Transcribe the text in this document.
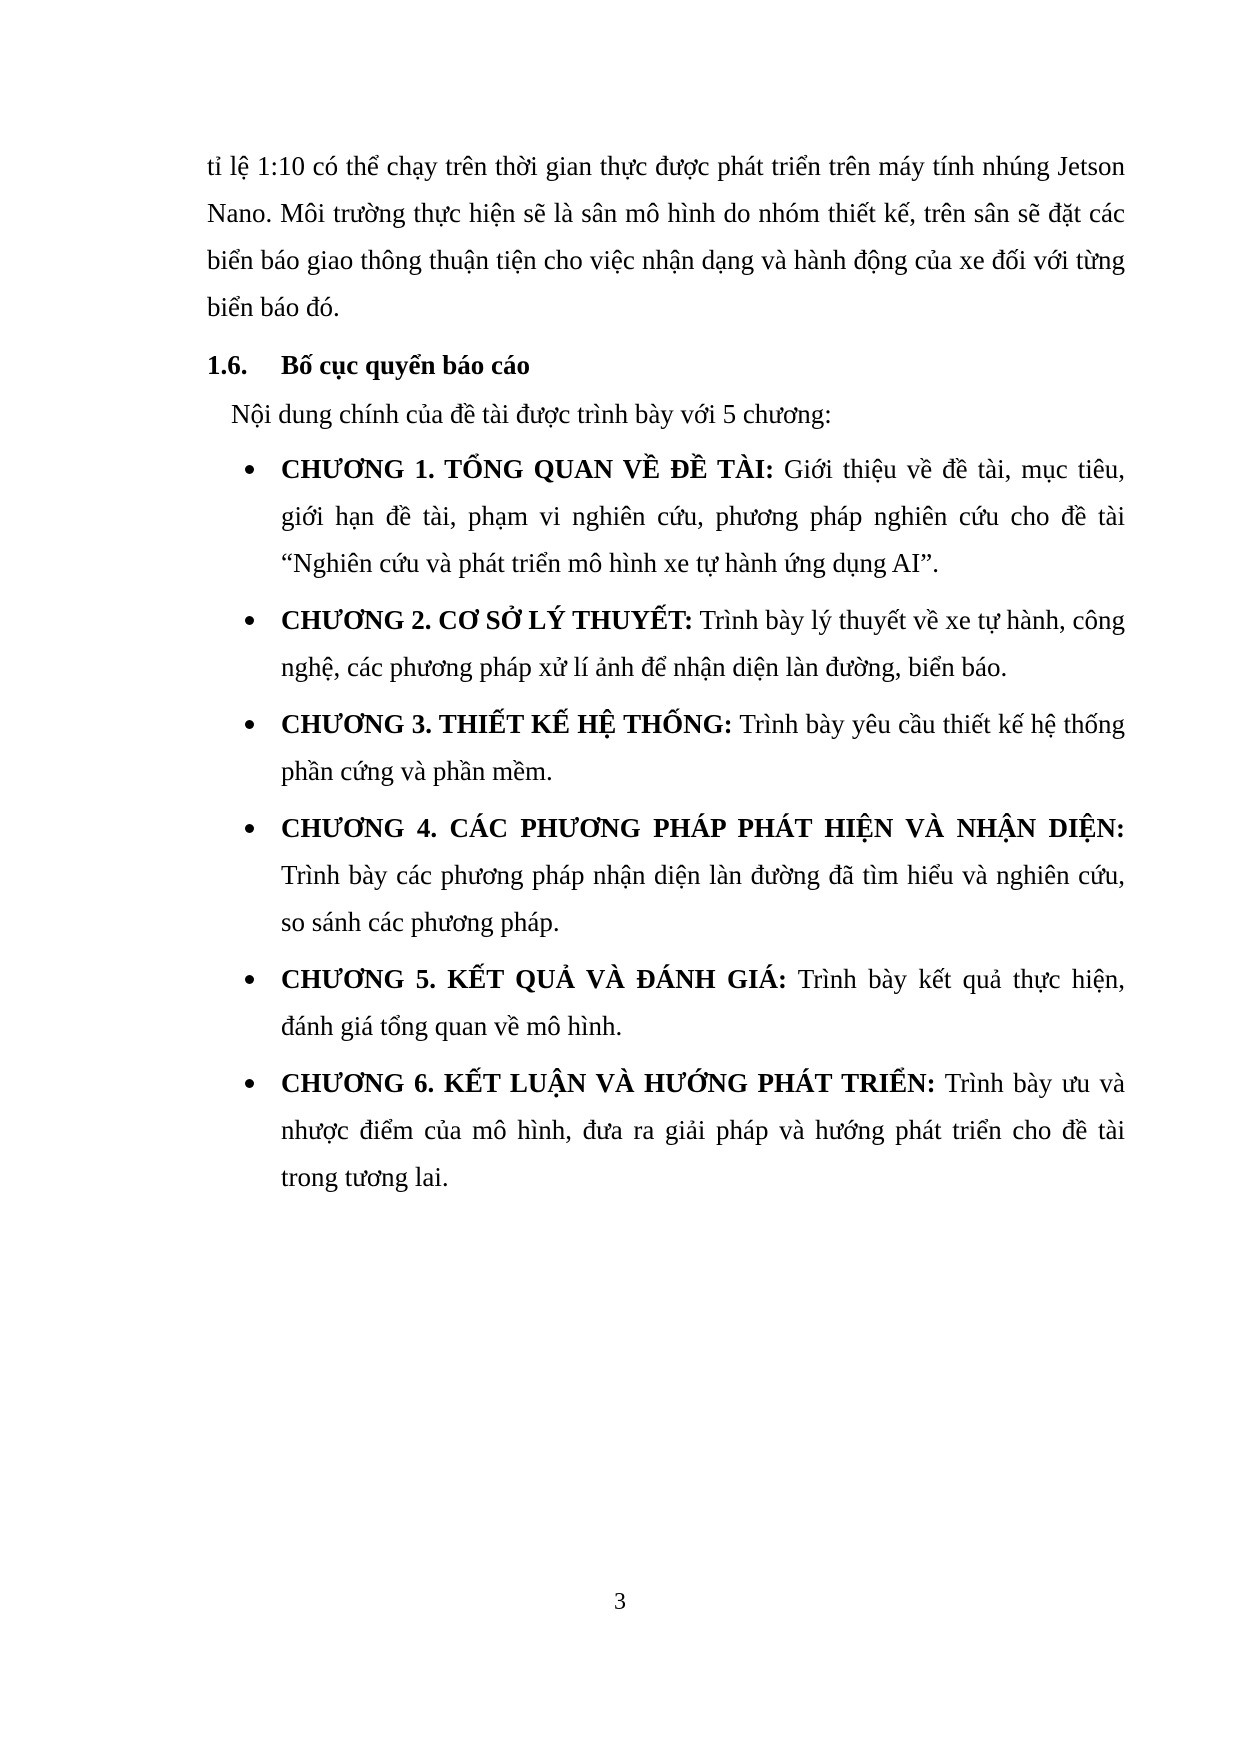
tỉ lệ 1:10 có thể chạy trên thời gian thực được phát triển trên máy tính nhúng Jetson Nano. Môi trường thực hiện sẽ là sân mô hình do nhóm thiết kế, trên sân sẽ đặt các biển báo giao thông thuận tiện cho việc nhận dạng và hành động của xe đối với từng biển báo đó.

1.6.	Bố cục quyển báo cáo

Nội dung chính của đề tài được trình bày với 5 chương:

CHƯƠNG 1. TỔNG QUAN VỀ ĐỀ TÀI: Giới thiệu về đề tài, mục tiêu, giới hạn đề tài, phạm vi nghiên cứu, phương pháp nghiên cứu cho đề tài “Nghiên cứu và phát triển mô hình xe tự hành ứng dụng AI”.
CHƯƠNG 2. CƠ SỞ LÝ THUYẾT: Trình bày lý thuyết về xe tự hành, công nghệ, các phương pháp xử lí ảnh để nhận diện làn đường, biển báo.
CHƯƠNG 3. THIẾT KẾ HỆ THỐNG: Trình bày yêu cầu thiết kế hệ thống phần cứng và phần mềm.
CHƯƠNG 4. CÁC PHƯƠNG PHÁP PHÁT HIỆN VÀ NHẬN DIỆN: Trình bày các phương pháp nhận diện làn đường đã tìm hiểu và nghiên cứu, so sánh các phương pháp.
CHƯƠNG 5. KẾT QUẢ VÀ ĐÁNH GIÁ: Trình bày kết quả thực hiện, đánh giá tổng quan về mô hình.
CHƯƠNG 6. KẾT LUẬN VÀ HƯỚNG PHÁT TRIỂN: Trình bày ưu và nhược điểm của mô hình, đưa ra giải pháp và hướng phát triển cho đề tài trong tương lai.
3
